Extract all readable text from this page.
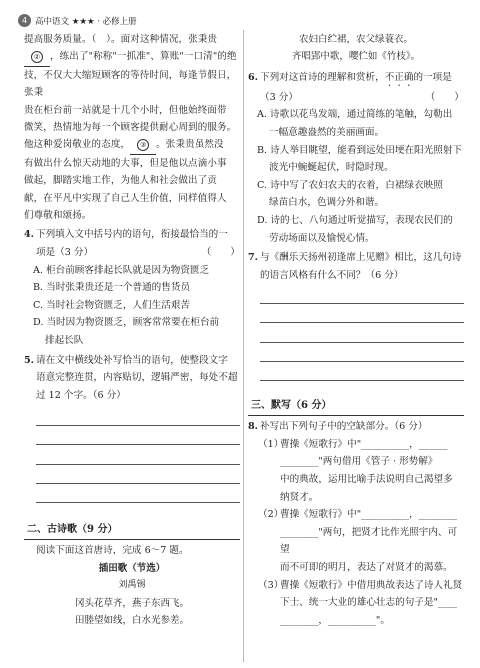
4 高中语文 ★★★ · 必修上册
提高服务质量。（　）。面对这种情况，张秉贵
② ，练出了"称称"一抓准"、算账"一口清"的绝
技，不仅大大缩短顾客的等待时间，每逢节假日，张秉
贵在柜台前一站就是十几个小时，但他始终面带
微笑，热情地为每一个顾客提供耐心周到的服务。
他这种爱岗敬业的态度， ③ 。张秉贵虽然没
有做出什么惊天动地的大事，但是他以点滴小事
做起，脚踏实地工作，为他人和社会做出了贡
献，在平凡中实现了自己人生价值，同样值得人
们尊敬和颂扬。
4. 下列填入文中括号内的语句，衔接最恰当的一
项是（3 分）	（　　）
A. 柜台前顾客排起长队就是因为物资匮乏
B. 当时张秉贵还是一个普通的售货员
C. 当时社会物资匮乏，人们生活艰苦
D. 当时因为物资匮乏，顾客常常要在柜台前
排起长队
5. 请在文中横线处补写恰当的语句，使整段文字
语意完整连贯，内容贴切，逻辑严密，每处不超
过 12 个字。（6 分）
二、古诗歌（9 分）
阅读下面这首唐诗，完成 6～7 题。
插田歌（节选）
刘禹锡
冈头花草齐，燕子东西飞。
田塍望如线，白水光参差。
农妇白纻裙，农父绿蓑衣。
齐唱郢中歌，嘤伫如《竹枝》。
6. 下列对这首诗的理解和赏析，不正确的一项是
（3 分）	（　　）
A. 诗歌以花鸟发端，通过简练的笔触，勾勒出
一幅意趣盎然的美丽画面。
B. 诗人举目眺望，能看到远处田埂在阳光照射下
波光中蜿蜒起伏，时隐时现。
C. 诗中写了农妇农夫的衣着，白裙绿衣映照
绿苗白水，色调分外和谐。
D. 诗的七、八句通过听觉描写，表现农民们的
劳动场面以及愉悦心情。
7. 与《酬乐天扬州初逢席上见赠》相比，这几句诗
的语言风格有什么不同？（6 分）
三、默写（6 分）
8. 补写出下列句子中的空缺部分。（6 分）
（1）
曹操《短歌行》中"__________，______
________"两句借用《管子 · 形势解》
中的典故，运用比喻手法说明自己渴望多
纳贤才。
（2）
曹操《短歌行》中"__________，________
________"两句，把贤才比作光照宇内、可望
而不可即的明月，表达了对贤才的渴慕。
（3）
曹操《短歌行》中借用典故表达了诗人礼贤
下士、统一大业的雄心壮志的句子是"____
________，__________"。
